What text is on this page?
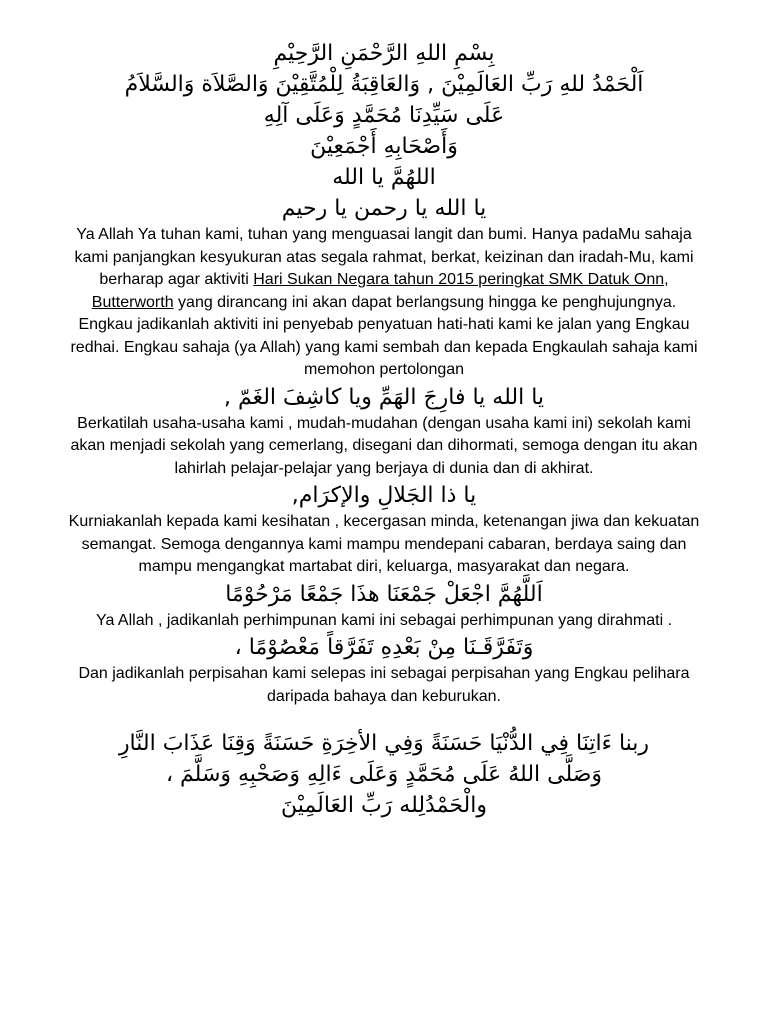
بِسْمِ اللهِ الرَّحْمَنِ الرَّحِيْمِ
اَلْحَمْدُ للهِ رَبِّ العَالَمِيْنَ , وَالعَاقِبَةُ لِلْمُتَّقِيْنَ وَالصَّلاَة وَالسَّلاَمُ
عَلَى سَيِّدِنَا مُحَمَّدٍ وَعَلَى آلِهِ
وَأَصْحَابِهِ أَجْمَعِيْنَ
اللهُمَّ يا الله
يا الله يا رحمن يا رحيم

Ya Allah Ya tuhan kami, tuhan yang menguasai langit dan bumi. Hanya padaMu sahaja kami panjangkan kesyukuran atas segala rahmat, berkat, keizinan dan iradah-Mu, kami berharap agar aktiviti Hari Sukan Negara tahun 2015 peringkat SMK Datuk Onn, Butterworth yang dirancang ini akan dapat berlangsung hingga ke penghujungnya. Engkau jadikanlah aktiviti ini penyebab penyatuan hati-hati kami ke jalan yang Engkau redhai. Engkau sahaja (ya Allah) yang kami sembah dan kepada Engkaulah sahaja kami memohon pertolongan

يا الله يا فارِجَ الهَمِّ ويا كاشِفَ الغَمّ ,

Berkatilah usaha-usaha kami , mudah-mudahan (dengan usaha kami ini) sekolah kami akan menjadi sekolah yang cemerlang, disegani dan dihormati, semoga dengan itu akan lahirlah pelajar-pelajar yang berjaya di dunia dan di akhirat.

يا ذا الجَلالِ والإكرَام,

Kurniakanlah kepada kami kesihatan , kecergasan minda, ketenangan jiwa dan kekuatan semangat. Semoga dengannya kami mampu mendepani cabaran, berdaya saing dan mampu mengangkat martabat diri, keluarga, masyarakat dan negara.

اَللَّهُمَّ اجْعَلْ جَمْعَنَا هذَا جَمْعًا مَرْحُوْمًا

Ya Allah , jadikanlah perhimpunan kami ini sebagai perhimpunan yang dirahmati .

وَتَفَرَّقَـنَا مِنْ بَعْدِهِ تَفَرَّقاً مَعْصُوْمًا ،

Dan jadikanlah perpisahan kami selepas ini sebagai perpisahan yang Engkau pelihara daripada bahaya dan keburukan.

ربنا ءَاتِنَا فِي الدُّنْيَا حَسَنَةً وَفِي الأخِرَةِ حَسَنَةً وَقِنَا عَذَابَ النَّارِ
وَصَلَّى اللهُ عَلَى مُحَمَّدٍ وَعَلَى ءَالِهِ وَصَحْبِهِ وَسَلَّمَ ،
والْحَمْدُلِله رَبِّ العَالَمِيْنَ
